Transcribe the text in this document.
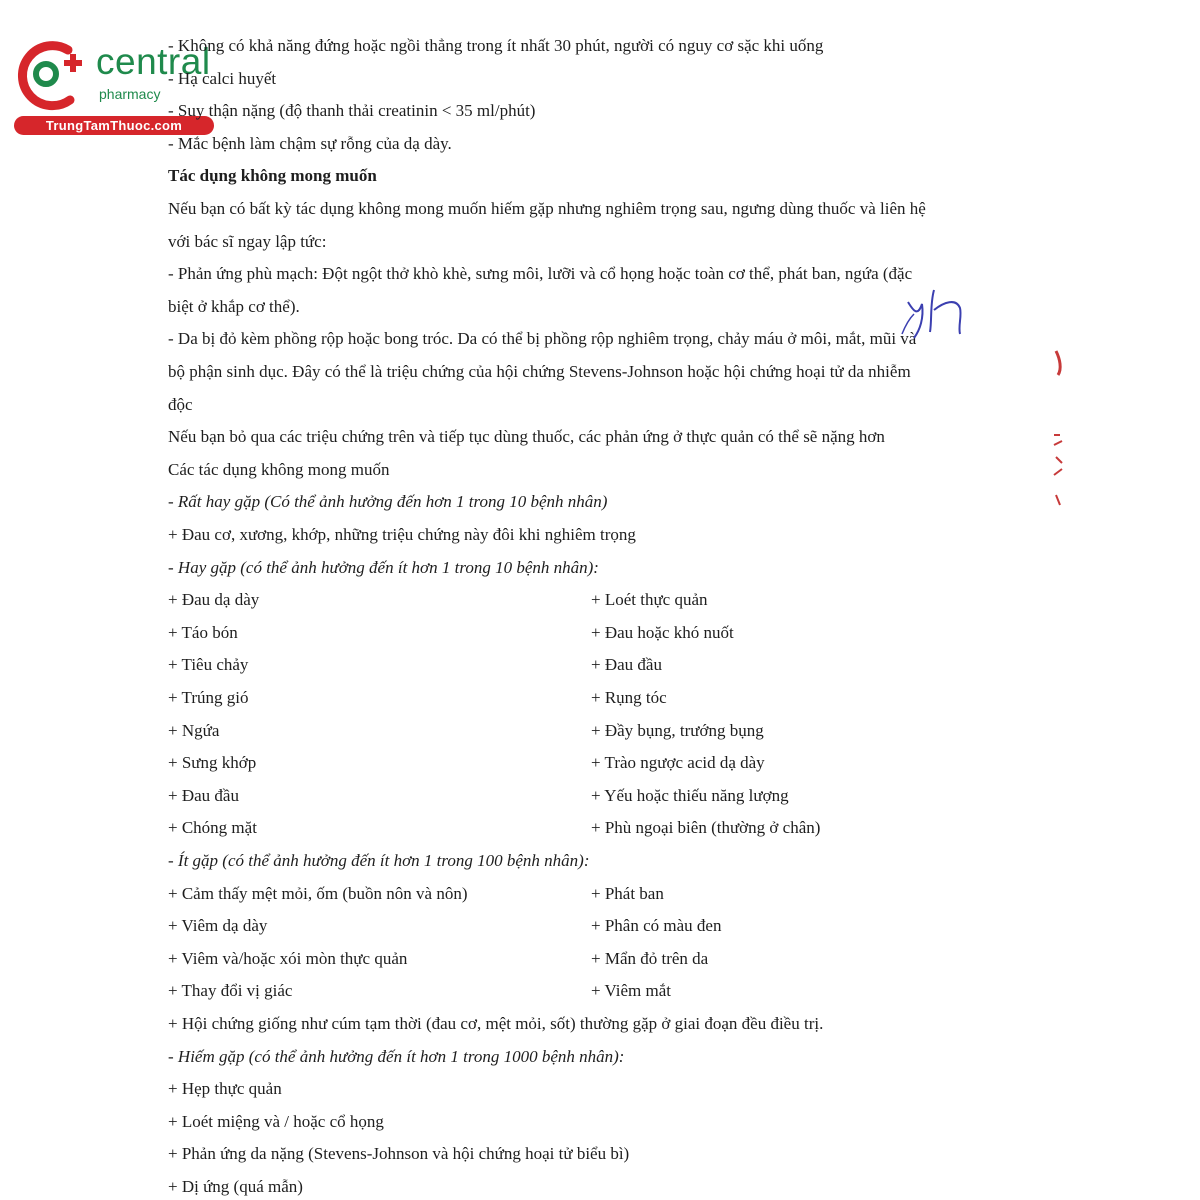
central
pharmacy
TrungTamThuoc.com
- Không có khả năng đứng hoặc ngồi thẳng trong ít nhất 30 phút, người có nguy cơ sặc khi uống
- Hạ calci huyết
- Suy thận nặng (độ thanh thải creatinin < 35 ml/phút)
- Mắc bệnh làm chậm sự rỗng của dạ dày.
Tác dụng không mong muốn
Nếu bạn có bất kỳ tác dụng không mong muốn hiếm gặp nhưng nghiêm trọng sau, ngưng dùng thuốc và liên hệ
với bác sĩ ngay lập tức:
- Phản ứng phù mạch: Đột ngột thở khò khè, sưng môi, lưỡi và cổ họng hoặc toàn cơ thể, phát ban, ngứa (đặc
biệt ở khắp cơ thể).
- Da bị đỏ kèm phồng rộp hoặc bong tróc. Da có thể bị phồng rộp nghiêm trọng, chảy máu ở môi, mắt, mũi và
bộ phận sinh dục. Đây có thể là triệu chứng của hội chứng Stevens-Johnson hoặc hội chứng hoại tử da nhiễm
độc
Nếu bạn bỏ qua các triệu chứng trên và tiếp tục dùng thuốc, các phản ứng ở thực quản có thể sẽ nặng hơn
Các tác dụng không mong muốn
- Rất hay gặp (Có thể ảnh hưởng đến hơn 1 trong 10 bệnh nhân)
+ Đau cơ, xương, khớp, những triệu chứng này đôi khi nghiêm trọng
- Hay gặp (có thể ảnh hưởng đến ít hơn 1 trong 10 bệnh nhân):
+ Đau dạ dày	+ Loét thực quản
+ Táo bón	+ Đau hoặc khó nuốt
+ Tiêu chảy	+ Đau đầu
+ Trúng gió	+ Rụng tóc
+ Ngứa	+ Đầy bụng, trướng bụng
+ Sưng khớp	+ Trào ngược acid dạ dày
+ Đau đầu	+ Yếu hoặc thiếu năng lượng
+ Chóng mặt	+ Phù ngoại biên (thường ở chân)
- Ít gặp (có thể ảnh hưởng đến ít hơn 1 trong 100 bệnh nhân):
+ Cảm thấy mệt mỏi, ốm (buồn nôn và nôn)	+ Phát ban
+ Viêm dạ dày	+ Phân có màu đen
+ Viêm và/hoặc xói mòn thực quản	+ Mẩn đỏ trên da
+ Thay đổi vị giác	+ Viêm mắt
+ Hội chứng giống như cúm tạm thời (đau cơ, mệt mỏi, sốt) thường gặp ở giai đoạn đều điều trị.
- Hiếm gặp (có thể ảnh hưởng đến ít hơn 1 trong 1000 bệnh nhân):
+ Hẹp thực quản
+ Loét miệng và / hoặc cổ họng
+ Phản ứng da nặng (Stevens-Johnson và hội chứng hoại tử biểu bì)
+ Dị ứng (quá mẫn)
